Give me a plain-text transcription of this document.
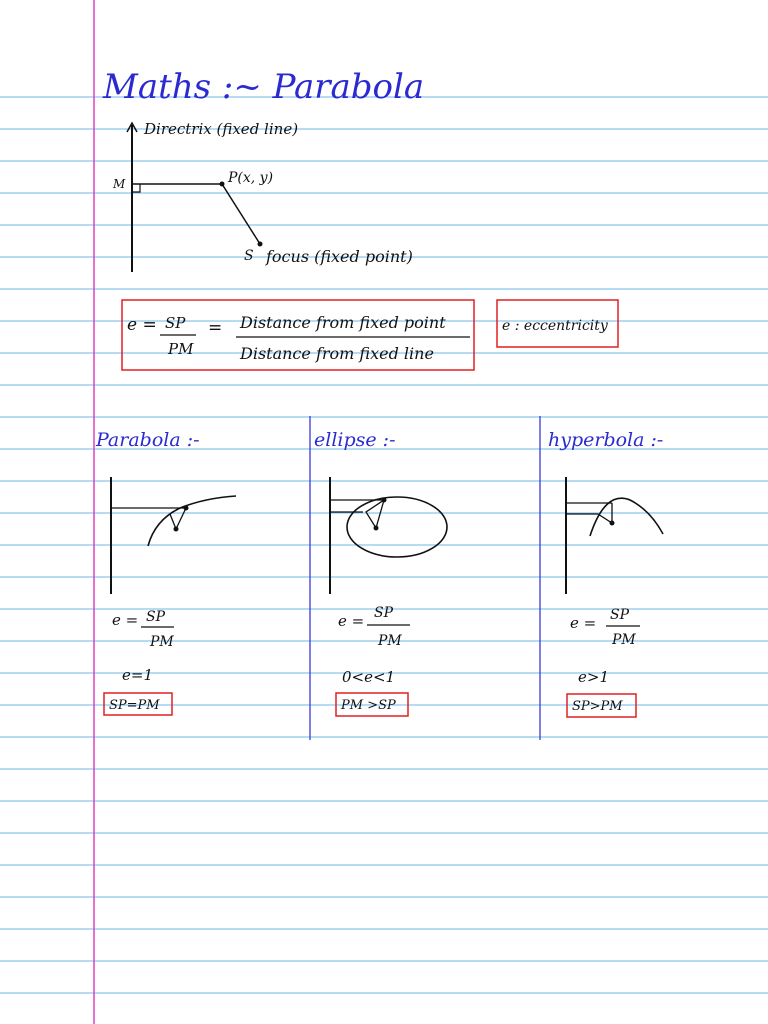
Maths :~ Parabola
Directrix (fixed line)
M	P(x, y)
S focus (fixed point)
e = SP
PM
= Distance from fixed point
Distance from fixed line
e : eccentricity
Parabola :-
e = SP
PM
e=1
SP=PM
ellipse :-
e = SP
PM
0<e<1
PM >SP
hyperbola :-
e = SP
PM
e>1
SP>PM
